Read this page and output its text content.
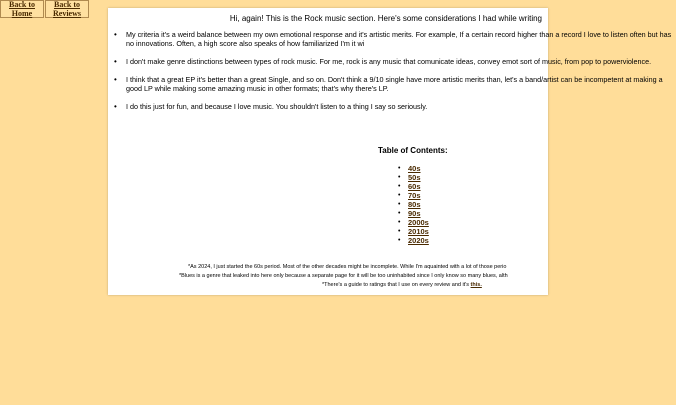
Back to Home
Back to Reviews
Hi, again! This is the Rock music section. Here's some considerations I had while writing
• My criteria it's a weird balance between my own emotional response and it's artistic merits. For example, If a certain record higher than a record I love to listen often but has no innovations. Often, a high score also speaks of how familiarized I'm it wi
• I don't make genre distinctions between types of rock music. For me, rock is any music that comunicate ideas, convey emot sort of music, from pop to powerviolence.
• I think that a great EP it's better than a great Single, and so on. Don't think a 9/10 single have more artistic merits than, let's a band/artist can be incompetent at making a good LP while making some amazing music in other formats; that's why there's LP.
• I do this just for fun, and because I love music. You shouldn't listen to a thing I say so seriously.
Table of Contents:
• 40s
• 50s
• 60s
• 70s
• 80s
• 90s
• 2000s
• 2010s
• 2020s
*As 2024, I just started the 60s period. Most of the other decades might be incomplete. While I'm aquainted with a lot of those perio
*Blues is a genre that leaked into here only because a separate page for it will be too uninhabited since I only know so many blues, alth
*There's a guide to ratings that I use on every review and it's this.
